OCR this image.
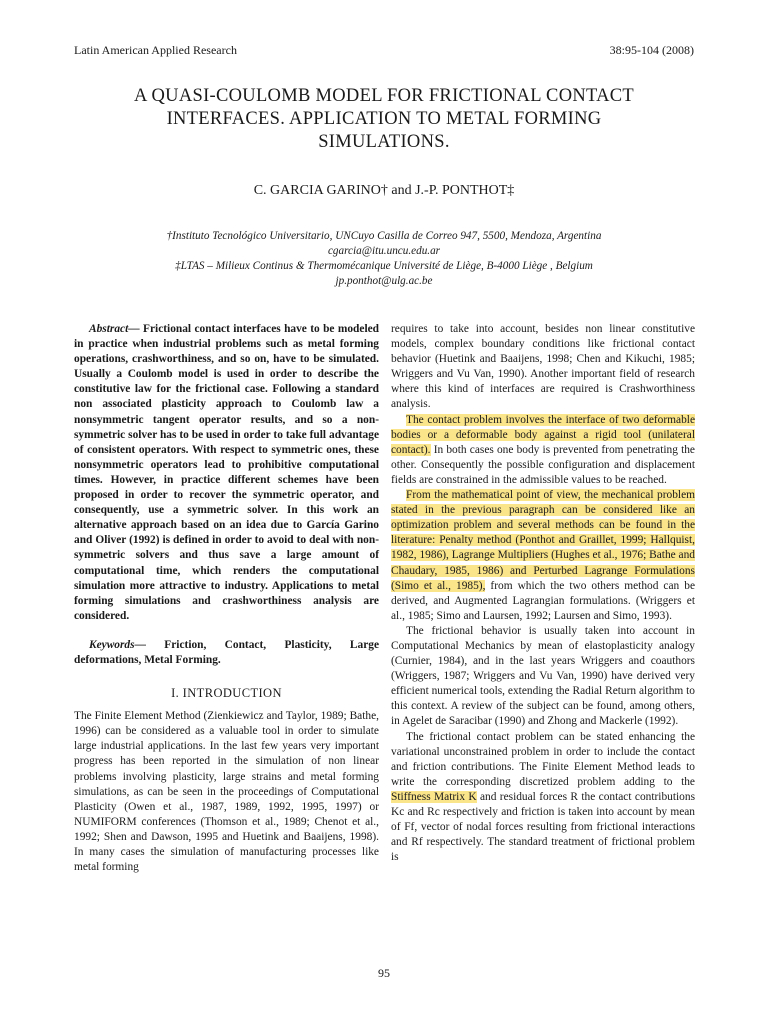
Latin American Applied Research	38:95-104 (2008)
A QUASI-COULOMB MODEL FOR FRICTIONAL CONTACT
INTERFACES. APPLICATION TO METAL FORMING
SIMULATIONS.
C. GARCIA GARINO† and J.-P. PONTHOT‡
†Instituto Tecnológico Universitario, UNCuyo Casilla de Correo 947, 5500, Mendoza, Argentina
cgarcia@itu.uncu.edu.ar
‡LTAS – Milieux Continus & Thermomécanique Université de Liège, B-4000 Liège , Belgium
jp.ponthot@ulg.ac.be

Abstract— Frictional contact interfaces have to be modeled in practice when industrial problems such as metal forming operations, crashworthiness, and so on, have to be simulated. Usually a Coulomb model is used in order to describe the constitutive law for the frictional case. Following a standard non associated plasticity approach to Coulomb law a nonsymmetric tangent operator results, and so a non-symmetric solver has to be used in order to take full advantage of consistent operators. With respect to symmetric ones, these nonsymmetric operators lead to prohibitive computational times. However, in practice different schemes have been proposed in order to recover the symmetric operator, and consequently, use a symmetric solver. In this work an alternative approach based on an idea due to García Garino and Oliver (1992) is defined in order to avoid to deal with non-symmetric solvers and thus save a large amount of computational time, which renders the computational simulation more attractive to industry. Applications to metal forming simulations and crashworthiness analysis are considered.

Keywords— Friction, Contact, Plasticity, Large deformations, Metal Forming.

I. INTRODUCTION

The Finite Element Method (Zienkiewicz and Taylor, 1989; Bathe, 1996) can be considered as a valuable tool in order to simulate large industrial applications. In the last few years very important progress has been reported in the simulation of non linear problems involving plasticity, large strains and metal forming simulations, as can be seen in the proceedings of Computational Plasticity (Owen et al., 1987, 1989, 1992, 1995, 1997) or NUMIFORM conferences (Thomson et al., 1989; Chenot et al., 1992; Shen and Dawson, 1995 and Huetink and Baaijens, 1998). In many cases the simulation of manufacturing processes like metal forming

requires to take into account, besides non linear constitutive models, complex boundary conditions like frictional contact behavior (Huetink and Baaijens, 1998; Chen and Kikuchi, 1985; Wriggers and Vu Van, 1990). Another important field of research where this kind of interfaces are required is Crashworthiness analysis.

The contact problem involves the interface of two deformable bodies or a deformable body against a rigid tool (unilateral contact). In both cases one body is prevented from penetrating the other. Consequently the possible configuration and displacement fields are constrained in the admissible values to be reached.

From the mathematical point of view, the mechanical problem stated in the previous paragraph can be considered like an optimization problem and several methods can be found in the literature: Penalty method (Ponthot and Graillet, 1999; Hallquist, 1982, 1986), Lagrange Multipliers (Hughes et al., 1976; Bathe and Chaudary, 1985, 1986) and Perturbed Lagrange Formulations (Simo et al., 1985), from which the two others method can be derived, and Augmented Lagrangian formulations. (Wriggers et al., 1985; Simo and Laursen, 1992; Laursen and Simo, 1993).

The frictional behavior is usually taken into account in Computational Mechanics by mean of elastoplasticity analogy (Curnier, 1984), and in the last years Wriggers and coauthors (Wriggers, 1987; Wriggers and Vu Van, 1990) have derived very efficient numerical tools, extending the Radial Return algorithm to this context. A review of the subject can be found, among others, in Agelet de Saracibar (1990) and Zhong and Mackerle (1992).

The frictional contact problem can be stated enhancing the variational unconstrained problem in order to include the contact and friction contributions. The Finite Element Method leads to write the corresponding discretized problem adding to the Stiffness Matrix K and residual forces R the contact contributions Kc and Rc respectively and friction is taken into account by mean of Ff, vector of nodal forces resulting from frictional interactions and Rf respectively. The standard treatment of frictional problem is

95
